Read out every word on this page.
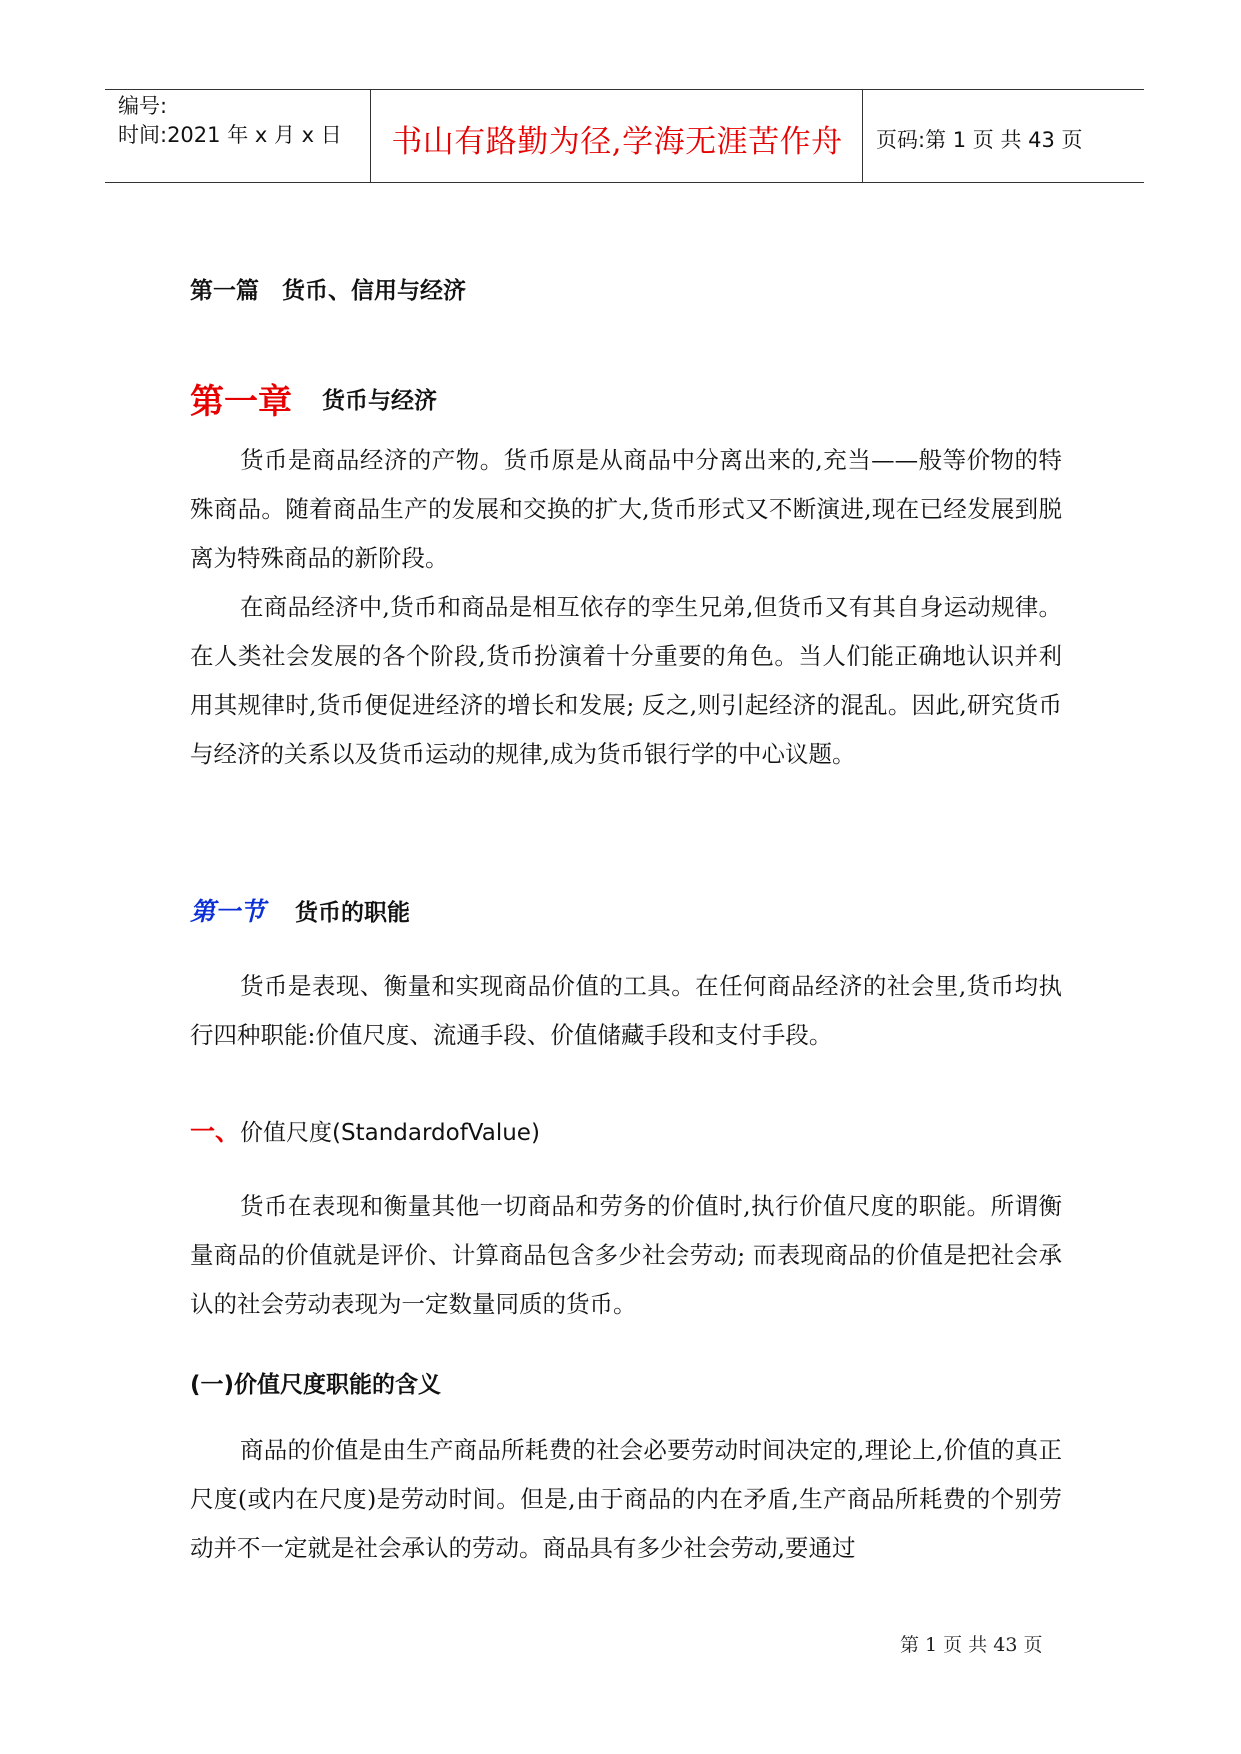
编号:
时间:2021 年 x 月 x 日	书山有路勤为径,学海无涯苦作舟	页码:第 1 页 共 43 页
第一篇　货币、信用与经济
第一章 货币与经济

货币是商品经济的产物。货币原是从商品中分离出来的,充当——般等价物的特殊商品。随着商品生产的发展和交换的扩大,货币形式又不断演进,现在已经发展到脱离为特殊商品的新阶段。

在商品经济中,货币和商品是相互依存的孪生兄弟,但货币又有其自身运动规律。在人类社会发展的各个阶段,货币扮演着十分重要的角色。当人们能正确地认识并利用其规律时,货币便促进经济的增长和发展; 反之,则引起经济的混乱。因此,研究货币与经济的关系以及货币运动的规律,成为货币银行学的中心议题。

第一节 货币的职能

货币是表现、衡量和实现商品价值的工具。在任何商品经济的社会里,货币均执行四种职能:价值尺度、流通手段、价值储藏手段和支付手段。

一、价值尺度(StandardofValue)

货币在表现和衡量其他一切商品和劳务的价值时,执行价值尺度的职能。所谓衡量商品的价值就是评价、计算商品包含多少社会劳动; 而表现商品的价值是把社会承认的社会劳动表现为一定数量同质的货币。

(一)价值尺度职能的含义

商品的价值是由生产商品所耗费的社会必要劳动时间决定的,理论上,价值的真正尺度(或内在尺度)是劳动时间。但是,由于商品的内在矛盾,生产商品所耗费的个别劳动并不一定就是社会承认的劳动。商品具有多少社会劳动,要通过

第 1 页 共 43 页
